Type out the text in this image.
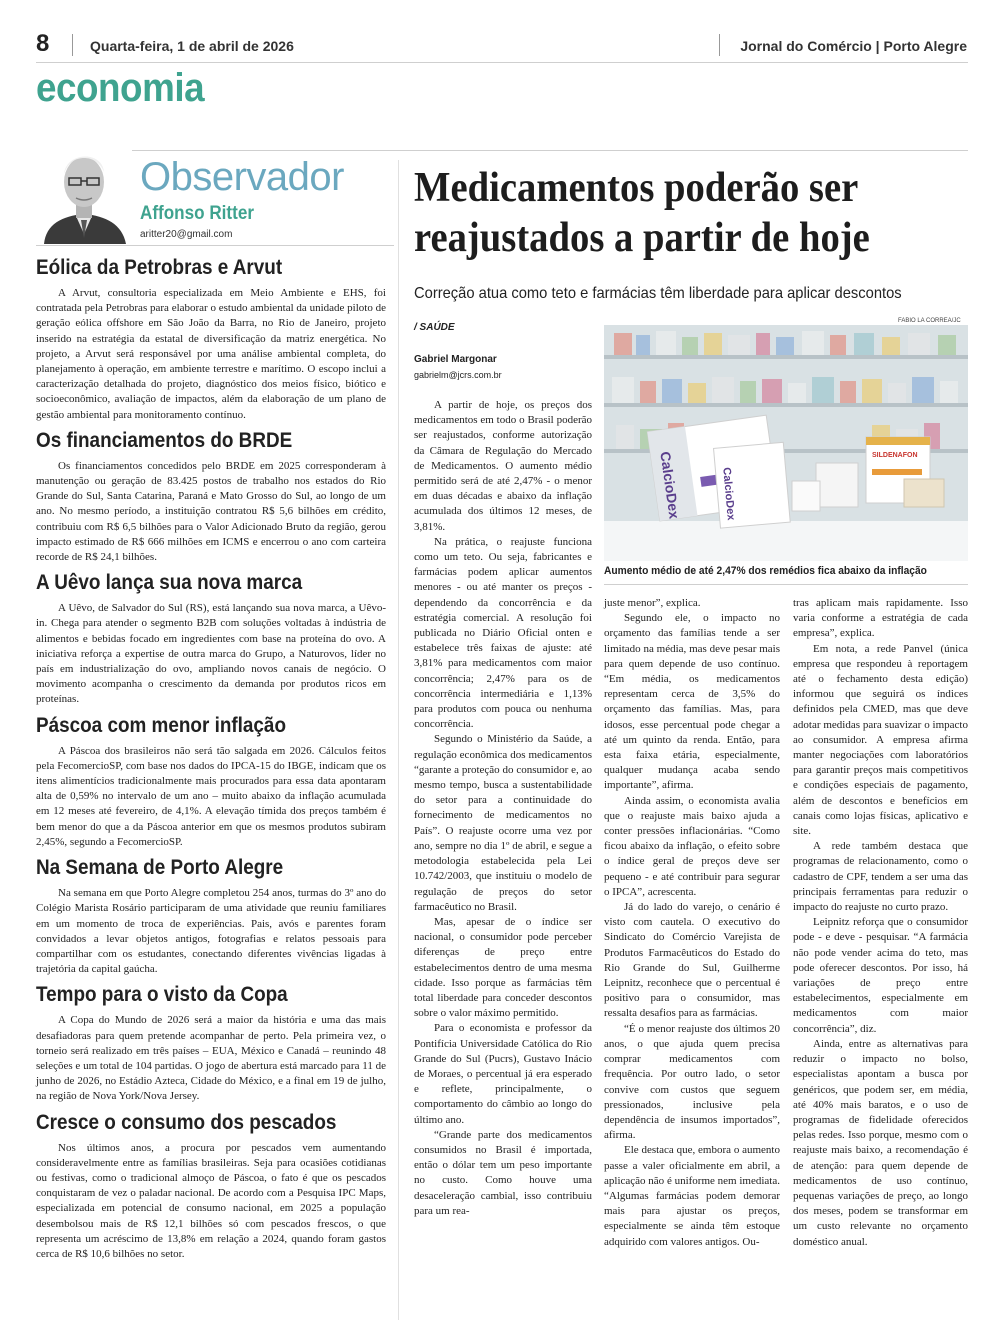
8	Quarta-feira, 1 de abril de 2026	Jornal do Comércio | Porto Alegre
economia
Observador
Affonso Ritter
aritter20@gmail.com
Eólica da Petrobras e Arvut

A Arvut, consultoria especializada em Meio Ambiente e EHS, foi contratada pela Petrobras para elaborar o estudo ambiental da unidade piloto de geração eólica offshore em São João da Barra, no Rio de Janeiro, projeto inserido na estratégia da estatal de diversificação da matriz energética. No projeto, a Arvut será responsável por uma análise ambiental completa, do planejamento à operação, em ambiente terrestre e marítimo. O escopo inclui a caracterização detalhada do projeto, diagnóstico dos meios físico, biótico e socioeconômico, avaliação de impactos, além da elaboração de um plano de gestão ambiental para monitoramento contínuo.

Os financiamentos do BRDE

Os financiamentos concedidos pelo BRDE em 2025 corresponderam à manutenção ou geração de 83.425 postos de trabalho nos estados do Rio Grande do Sul, Santa Catarina, Paraná e Mato Grosso do Sul, ao longo de um ano. No mesmo período, a instituição contratou R$ 5,6 bilhões em crédito, contribuiu com R$ 6,5 bilhões para o Valor Adicionado Bruto da região, gerou impacto estimado de R$ 666 milhões em ICMS e encerrou o ano com carteira recorde de R$ 24,1 bilhões.

A Uêvo lança sua nova marca

A Uêvo, de Salvador do Sul (RS), está lançando sua nova marca, a Uêvo-in. Chega para atender o segmento B2B com soluções voltadas à indústria de alimentos e bebidas focado em ingredientes com base na proteína do ovo. A iniciativa reforça a expertise de outra marca do Grupo, a Naturovos, líder no país em industrialização do ovo, ampliando novos canais de negócio. O movimento acompanha o crescimento da demanda por produtos ricos em proteínas.

Páscoa com menor inflação

A Páscoa dos brasileiros não será tão salgada em 2026. Cálculos feitos pela FecomercioSP, com base nos dados do IPCA-15 do IBGE, indicam que os itens alimentícios tradicionalmente mais procurados para essa data apontaram alta de 0,59% no intervalo de um ano – muito abaixo da inflação acumulada em 12 meses até fevereiro, de 4,1%. A elevação tímida dos preços também é bem menor do que a da Páscoa anterior em que os mesmos produtos subiram 2,45%, segundo a FecomercioSP.

Na Semana de Porto Alegre

Na semana em que Porto Alegre completou 254 anos, turmas do 3º ano do Colégio Marista Rosário participaram de uma atividade que reuniu familiares em um momento de troca de experiências. Pais, avós e parentes foram convidados a levar objetos antigos, fotografias e relatos pessoais para compartilhar com os estudantes, conectando diferentes vivências ligadas à trajetória da capital gaúcha.

Tempo para o visto da Copa

A Copa do Mundo de 2026 será a maior da história e uma das mais desafiadoras para quem pretende acompanhar de perto. Pela primeira vez, o torneio será realizado em três países – EUA, México e Canadá – reunindo 48 seleções e um total de 104 partidas. O jogo de abertura está marcado para 11 de junho de 2026, no Estádio Azteca, Cidade do México, e a final em 19 de julho, na região de Nova York/Nova Jersey.

Cresce o consumo dos pescados

Nos últimos anos, a procura por pescados vem aumentando consideravelmente entre as famílias brasileiras. Seja para ocasiões cotidianas ou festivas, como o tradicional almoço de Páscoa, o fato é que os pescados conquistaram de vez o paladar nacional. De acordo com a Pesquisa IPC Maps, especializada em potencial de consumo nacional, em 2025 a população desembolsou mais de R$ 12,1 bilhões só com pescados frescos, o que representa um acréscimo de 13,8% em relação a 2024, quando foram gastos cerca de R$ 10,6 bilhões no setor.

Medicamentos poderão ser reajustados a partir de hoje
Correção atua como teto e farmácias têm liberdade para aplicar descontos
/ SAÚDE
Gabriel Margonar
gabrielm@jcrs.com.br
FABIO LA CORREA/JC
CalcioDex	CalcioDex
SILDENAFON
Aumento médio de até 2,47% dos remédios fica abaixo da inflação

A partir de hoje, os preços dos medicamentos em todo o Brasil poderão ser reajustados, conforme autorização da Câmara de Regulação do Mercado de Medicamentos. O aumento médio permitido será de até 2,47% - o menor em duas décadas e abaixo da inflação acumulada dos últimos 12 meses, de 3,81%.

Na prática, o reajuste funciona como um teto. Ou seja, fabricantes e farmácias podem aplicar aumentos menores - ou até manter os preços - dependendo da concorrência e da estratégia comercial. A resolução foi publicada no Diário Oficial onten e estabelece três faixas de ajuste: até 3,81% para medicamentos com maior concorrência; 2,47% para os de concorrência intermediária e 1,13% para produtos com pouca ou nenhuma concorrência.

Segundo o Ministério da Saúde, a regulação econômica dos medicamentos “garante a proteção do consumidor e, ao mesmo tempo, busca a sustentabilidade do setor para a continuidade do fornecimento de medicamentos no País”. O reajuste ocorre uma vez por ano, sempre no dia 1º de abril, e segue a metodologia estabelecida pela Lei 10.742/2003, que instituiu o modelo de regulação de preços do setor farmacêutico no Brasil.

Mas, apesar de o índice ser nacional, o consumidor pode perceber diferenças de preço entre estabelecimentos dentro de uma mesma cidade. Isso porque as farmácias têm total liberdade para conceder descontos sobre o valor máximo permitido.

Para o economista e professor da Pontifícia Universidade Católica do Rio Grande do Sul (Pucrs), Gustavo Inácio de Moraes, o percentual já era esperado e reflete, principalmente, o comportamento do câmbio ao longo do último ano.

“Grande parte dos medicamentos consumidos no Brasil é importada, então o dólar tem um peso importante no custo. Como houve uma desaceleração cambial, isso contribuiu para um rea-

juste menor”, explica.

Segundo ele, o impacto no orçamento das famílias tende a ser limitado na média, mas deve pesar mais para quem depende de uso contínuo. “Em média, os medicamentos representam cerca de 3,5% do orçamento das famílias. Mas, para idosos, esse percentual pode chegar a até um quinto da renda. Então, para esta faixa etária, especialmente, qualquer mudança acaba sendo importante”, afirma.

Ainda assim, o economista avalia que o reajuste mais baixo ajuda a conter pressões inflacionárias. “Como ficou abaixo da inflação, o efeito sobre o índice geral de preços deve ser pequeno - e até contribuir para segurar o IPCA”, acrescenta.

Já do lado do varejo, o cenário é visto com cautela. O executivo do Sindicato do Comércio Varejista de Produtos Farmacêuticos do Estado do Rio Grande do Sul, Guilherme Leipnitz, reconhece que o percentual é positivo para o consumidor, mas ressalta desafios para as farmácias.

“É o menor reajuste dos últimos 20 anos, o que ajuda quem precisa comprar medicamentos com frequência. Por outro lado, o setor convive com custos que seguem pressionados, inclusive pela dependência de insumos importados”, afirma.

Ele destaca que, embora o aumento passe a valer oficialmente em abril, a aplicação não é uniforme nem imediata. “Algumas farmácias podem demorar mais para ajustar os preços, especialmente se ainda têm estoque adquirido com valores antigos. Ou-

tras aplicam mais rapidamente. Isso varia conforme a estratégia de cada empresa”, explica.

Em nota, a rede Panvel (única empresa que respondeu à reportagem até o fechamento desta edição) informou que seguirá os índices definidos pela CMED, mas que deve adotar medidas para suavizar o impacto ao consumidor. A empresa afirma manter negociações com laboratórios para garantir preços mais competitivos e condições especiais de pagamento, além de descontos e benefícios em canais como lojas físicas, aplicativo e site.

A rede também destaca que programas de relacionamento, como o cadastro de CPF, tendem a ser uma das principais ferramentas para reduzir o impacto do reajuste no curto prazo.

Leipnitz reforça que o consumidor pode - e deve - pesquisar. “A farmácia não pode vender acima do teto, mas pode oferecer descontos. Por isso, há variações de preço entre estabelecimentos, especialmente em medicamentos com maior concorrência”, diz.

Ainda, entre as alternativas para reduzir o impacto no bolso, especialistas apontam a busca por genéricos, que podem ser, em média, até 40% mais baratos, e o uso de programas de fidelidade oferecidos pelas redes. Isso porque, mesmo com o reajuste mais baixo, a recomendação é de atenção: para quem depende de medicamentos de uso contínuo, pequenas variações de preço, ao longo dos meses, podem se transformar em um custo relevante no orçamento doméstico anual.
